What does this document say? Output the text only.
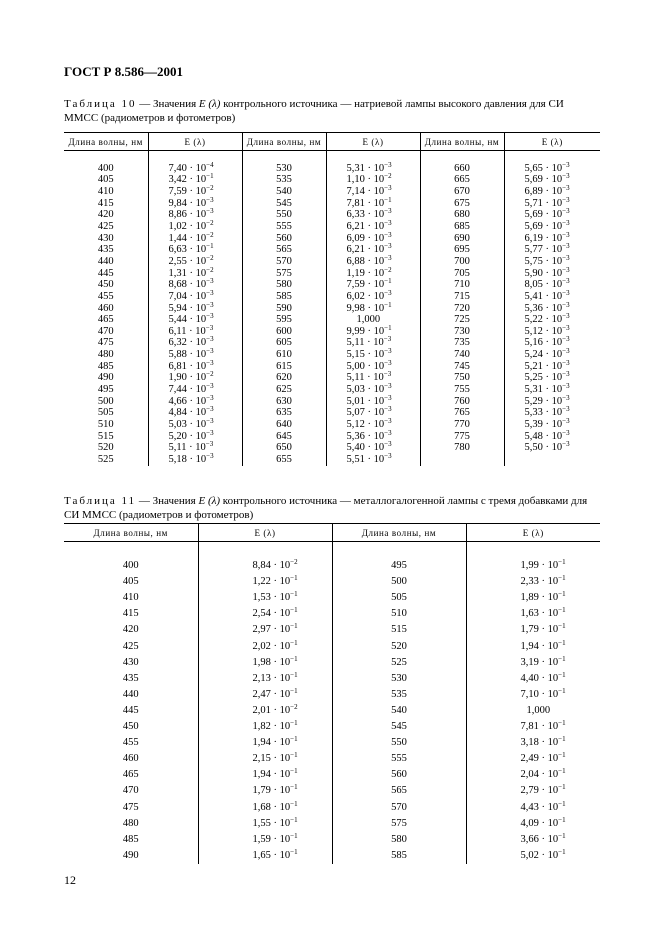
ГОСТ Р 8.586—2001
Таблица 10 — Значения E (λ) контрольного источника — натриевой лампы высокого давления для СИ ММСС (радиометров и фотометров)
Длина волны, нм	E (λ)	Длина волны, нм	E (λ)	Длина волны, нм	E (λ)

400	$7,40 \cdot 10^{-4}$	530	$5,31 \cdot 10^{-3}$	660	$5,65 \cdot 10^{-3}$
405	$3,42 \cdot 10^{-1}$	535	$1,10 \cdot 10^{-2}$	665	$5,69 \cdot 10^{-3}$
410	$7,59 \cdot 10^{-2}$	540	$7,14 \cdot 10^{-3}$	670	$6,89 \cdot 10^{-3}$
415	$9,84 \cdot 10^{-3}$	545	$7,81 \cdot 10^{-1}$	675	$5,71 \cdot 10^{-3}$
420	$8,86 \cdot 10^{-3}$	550	$6,33 \cdot 10^{-3}$	680	$5,69 \cdot 10^{-3}$
425	$1,02 \cdot 10^{-2}$	555	$6,21 \cdot 10^{-3}$	685	$5,69 \cdot 10^{-3}$
430	$1,44 \cdot 10^{-2}$	560	$6,09 \cdot 10^{-3}$	690	$6,19 \cdot 10^{-3}$
435	$6,63 \cdot 10^{-1}$	565	$6,21 \cdot 10^{-3}$	695	$5,77 \cdot 10^{-3}$
440	$2,55 \cdot 10^{-2}$	570	$6,88 \cdot 10^{-3}$	700	$5,75 \cdot 10^{-3}$
445	$1,31 \cdot 10^{-2}$	575	$1,19 \cdot 10^{-2}$	705	$5,90 \cdot 10^{-3}$
450	$8,68 \cdot 10^{-3}$	580	$7,59 \cdot 10^{-1}$	710	$8,05 \cdot 10^{-3}$
455	$7,04 \cdot 10^{-3}$	585	$6,02 \cdot 10^{-3}$	715	$5,41 \cdot 10^{-3}$
460	$5,94 \cdot 10^{-3}$	590	$9,98 \cdot 10^{-1}$	720	$5,36 \cdot 10^{-3}$
465	$5,44 \cdot 10^{-3}$	595	1,000	725	$5,22 \cdot 10^{-3}$
470	$6,11 \cdot 10^{-3}$	600	$9,99 \cdot 10^{-1}$	730	$5,12 \cdot 10^{-3}$
475	$6,32 \cdot 10^{-3}$	605	$5,11 \cdot 10^{-3}$	735	$5,16 \cdot 10^{-3}$
480	$5,88 \cdot 10^{-3}$	610	$5,15 \cdot 10^{-3}$	740	$5,24 \cdot 10^{-3}$
485	$6,81 \cdot 10^{-3}$	615	$5,00 \cdot 10^{-3}$	745	$5,21 \cdot 10^{-3}$
490	$1,90 \cdot 10^{-2}$	620	$5,11 \cdot 10^{-3}$	750	$5,25 \cdot 10^{-3}$
495	$7,44 \cdot 10^{-3}$	625	$5,03 \cdot 10^{-3}$	755	$5,31 \cdot 10^{-3}$
500	$4,66 \cdot 10^{-3}$	630	$5,01 \cdot 10^{-3}$	760	$5,29 \cdot 10^{-3}$
505	$4,84 \cdot 10^{-3}$	635	$5,07 \cdot 10^{-3}$	765	$5,33 \cdot 10^{-3}$
510	$5,03 \cdot 10^{-3}$	640	$5,12 \cdot 10^{-3}$	770	$5,39 \cdot 10^{-3}$
515	$5,20 \cdot 10^{-3}$	645	$5,36 \cdot 10^{-3}$	775	$5,48 \cdot 10^{-3}$
520	$5,11 \cdot 10^{-3}$	650	$5,40 \cdot 10^{-3}$	780	$5,50 \cdot 10^{-3}$
525	$5,18 \cdot 10^{-3}$	655	$5,51 \cdot 10^{-3}$		
Таблица 11 — Значения E (λ) контрольного источника — металлогалогенной лампы с тремя добавками для СИ ММСС (радиометров и фотометров)
Длина волны, нм	E (λ)	Длина волны, нм	E (λ)

400	$8,84 \cdot 10^{-2}$	495	$1,99 \cdot 10^{-1}$
405	$1,22 \cdot 10^{-1}$	500	$2,33 \cdot 10^{-1}$
410	$1,53 \cdot 10^{-1}$	505	$1,89 \cdot 10^{-1}$
415	$2,54 \cdot 10^{-1}$	510	$1,63 \cdot 10^{-1}$
420	$2,97 \cdot 10^{-1}$	515	$1,79 \cdot 10^{-1}$
425	$2,02 \cdot 10^{-1}$	520	$1,94 \cdot 10^{-1}$
430	$1,98 \cdot 10^{-1}$	525	$3,19 \cdot 10^{-1}$
435	$2,13 \cdot 10^{-1}$	530	$4,40 \cdot 10^{-1}$
440	$2,47 \cdot 10^{-1}$	535	$7,10 \cdot 10^{-1}$
445	$2,01 \cdot 10^{-2}$	540	1,000
450	$1,82 \cdot 10^{-1}$	545	$7,81 \cdot 10^{-1}$
455	$1,94 \cdot 10^{-1}$	550	$3,18 \cdot 10^{-1}$
460	$2,15 \cdot 10^{-1}$	555	$2,49 \cdot 10^{-1}$
465	$1,94 \cdot 10^{-1}$	560	$2,04 \cdot 10^{-1}$
470	$1,79 \cdot 10^{-1}$	565	$2,79 \cdot 10^{-1}$
475	$1,68 \cdot 10^{-1}$	570	$4,43 \cdot 10^{-1}$
480	$1,55 \cdot 10^{-1}$	575	$4,09 \cdot 10^{-1}$
485	$1,59 \cdot 10^{-1}$	580	$3,66 \cdot 10^{-1}$
490	$1,65 \cdot 10^{-1}$	585	$5,02 \cdot 10^{-1}$
12
